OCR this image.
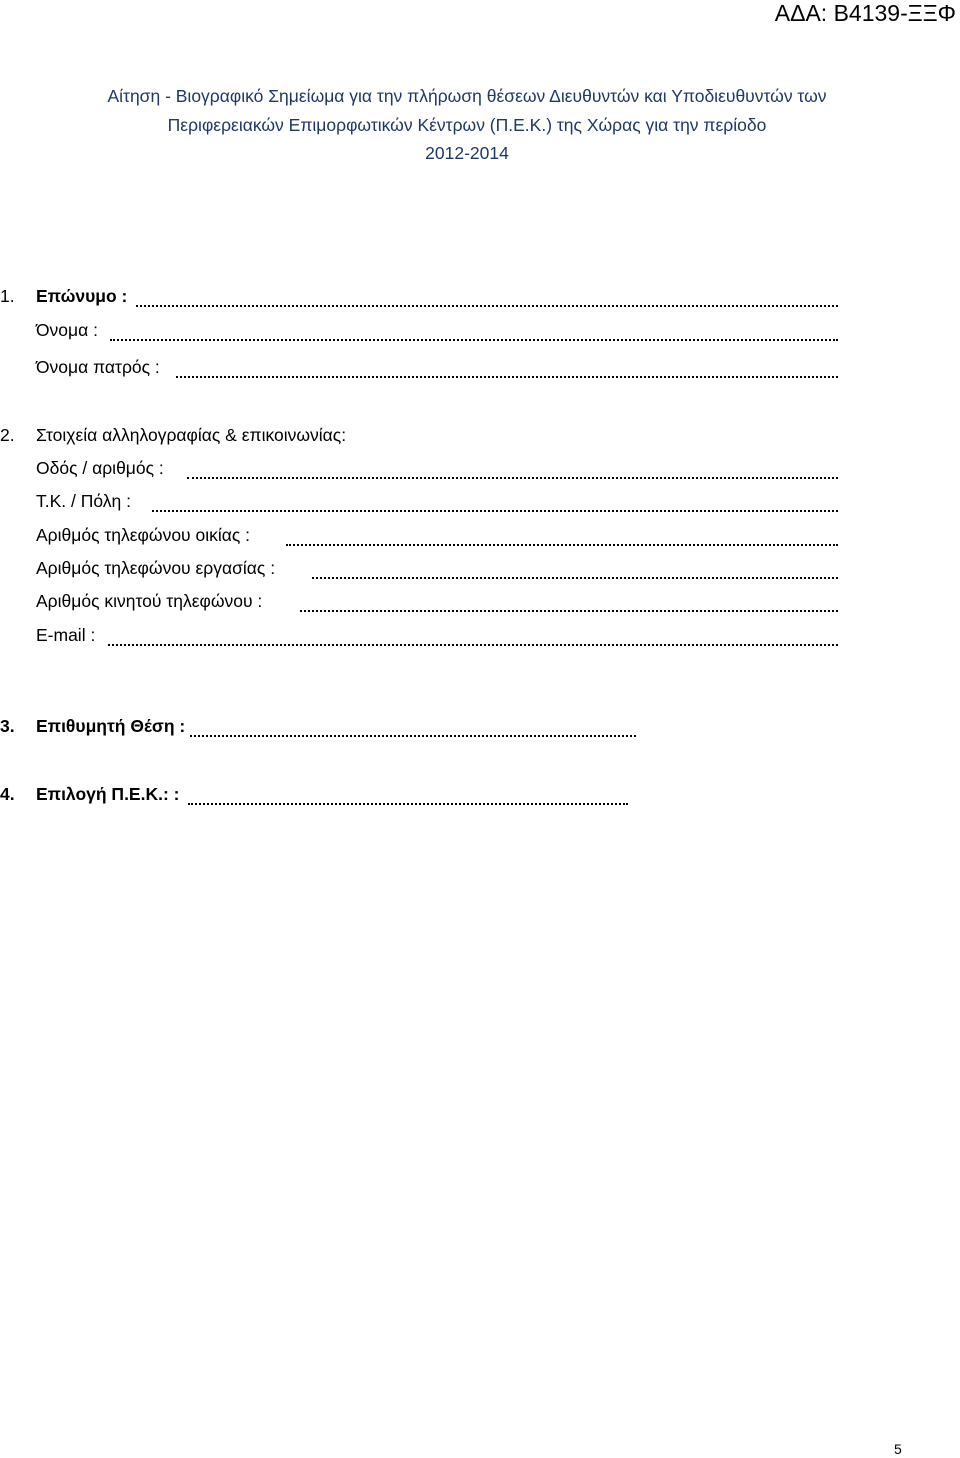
ΑΔΑ: Β4139-ΞΞΦ
Αίτηση - Βιογραφικό Σημείωμα για την πλήρωση θέσεων Διευθυντών και Υποδιευθυντών των
Περιφερειακών Επιμορφωτικών Κέντρων (Π.Ε.Κ.) της Χώρας για την περίοδο
2012-2014
1. Επώνυμο :
Όνομα :
Όνομα πατρός :
2. Στοιχεία αλληλογραφίας & επικοινωνίας:
Οδός / αριθμός :
Τ.Κ. / Πόλη :
Αριθμός τηλεφώνου οικίας :
Αριθμός τηλεφώνου εργασίας :
Αριθμός κινητού τηλεφώνου :
E-mail :
3. Επιθυμητή Θέση :
4. Επιλογή Π.Ε.Κ.: :
5
